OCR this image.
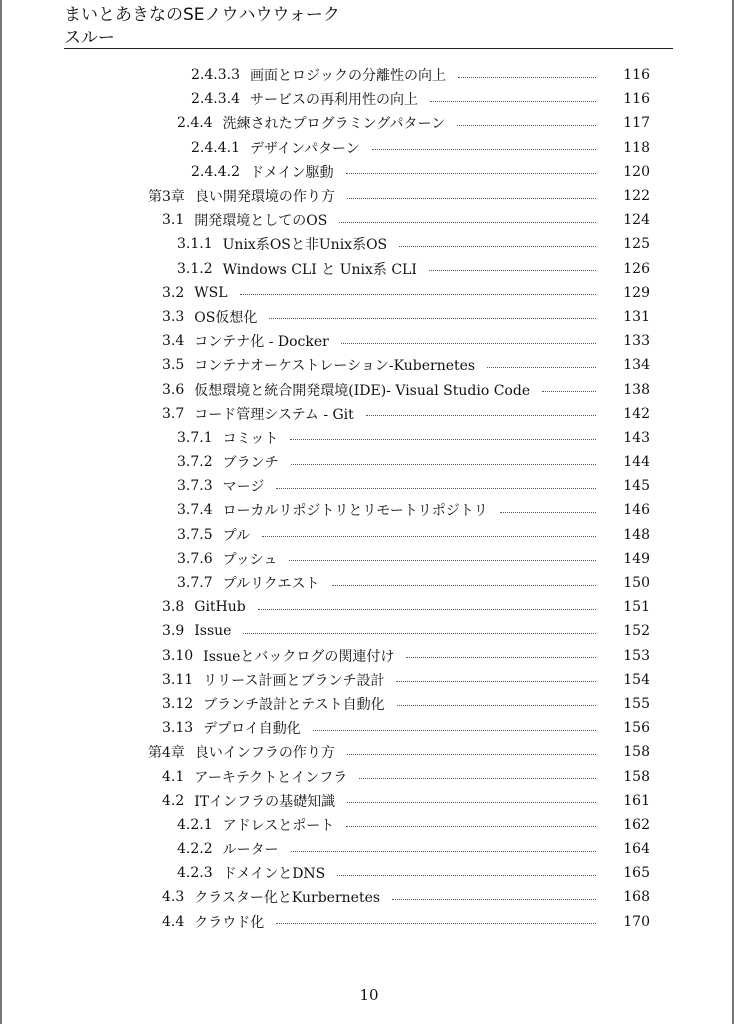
まいとあきなのSEノウハウウォーク
スルー
2.4.3.3 画面とロジックの分離性の向上	116
2.4.3.4 サービスの再利用性の向上	116
2.4.4 洗練されたプログラミングパターン	117
2.4.4.1 デザインパターン	118
2.4.4.2 ドメイン駆動	120
第3章 良い開発環境の作り方	122
3.1 開発環境としてのOS	124
3.1.1 Unix系OSと非Unix系OS	125
3.1.2 Windows CLI と Unix系 CLI	126
3.2 WSL	129
3.3 OS仮想化	131
3.4 コンテナ化 - Docker	133
3.5 コンテナオーケストレーション-Kubernetes	134
3.6 仮想環境と統合開発環境(IDE)- Visual Studio Code	138
3.7 コード管理システム - Git	142
3.7.1 コミット	143
3.7.2 ブランチ	144
3.7.3 マージ	145
3.7.4 ローカルリポジトリとリモートリポジトリ	146
3.7.5 プル	148
3.7.6 プッシュ	149
3.7.7 プルリクエスト	150
3.8 GitHub	151
3.9 Issue	152
3.10 Issueとバックログの関連付け	153
3.11 リリース計画とブランチ設計	154
3.12 ブランチ設計とテスト自動化	155
3.13 デプロイ自動化	156
第4章 良いインフラの作り方	158
4.1 アーキテクトとインフラ	158
4.2 ITインフラの基礎知識	161
4.2.1 アドレスとポート	162
4.2.2 ルーター	164
4.2.3 ドメインとDNS	165
4.3 クラスター化とKurbernetes	168
4.4 クラウド化	170
10
